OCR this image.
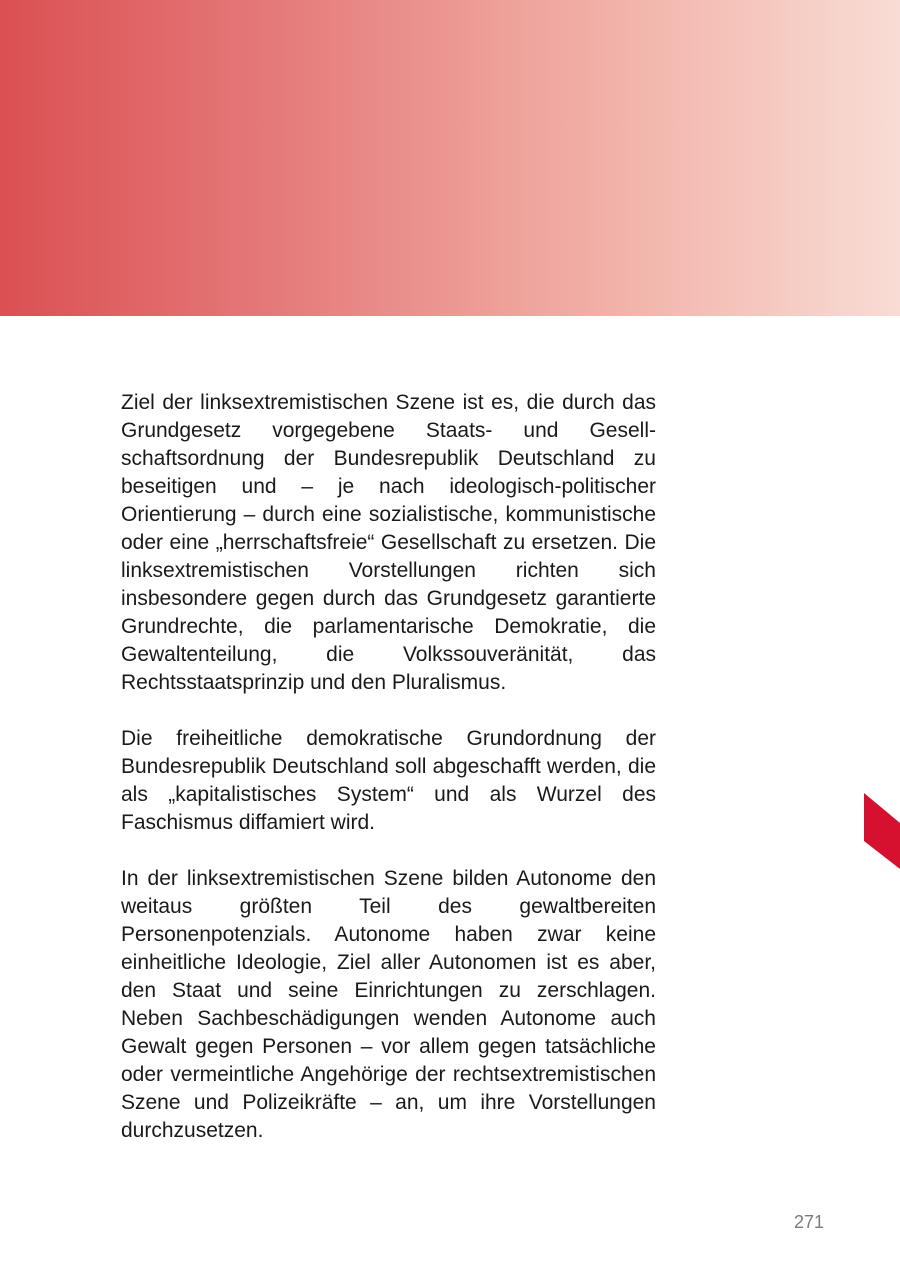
Ziel der linksextremistischen Szene ist es, die durch das Grundgesetz vorgegebene Staats- und Gesellschaftsordnung der Bundesrepublik Deutschland zu beseitigen und – je nach ideologisch-politischer Orientierung – durch eine sozialistische, kommunistische oder eine „herrschaftsfreie“ Gesellschaft zu ersetzen. Die linksextremistischen Vorstellungen richten sich insbesondere gegen durch das Grundgesetz garantierte Grundrechte, die parlamentarische Demokratie, die Gewaltenteilung, die Volkssouveränität, das Rechtsstaatsprinzip und den Pluralismus.

Die freiheitliche demokratische Grundordnung der Bundesrepublik Deutschland soll abgeschafft werden, die als „kapitalistisches System“ und als Wurzel des Faschismus diffamiert wird.

In der linksextremistischen Szene bilden Autonome den weitaus größten Teil des gewaltbereiten Personenpotenzials. Autonome haben zwar keine einheitliche Ideologie, Ziel aller Autonomen ist es aber, den Staat und seine Einrichtungen zu zerschlagen. Neben Sachbeschädigungen wenden Autonome auch Gewalt gegen Personen – vor allem gegen tatsächliche oder vermeintliche Angehörige der rechtsextremistischen Szene und Polizeikräfte – an, um ihre Vorstellungen durchzusetzen.

271
